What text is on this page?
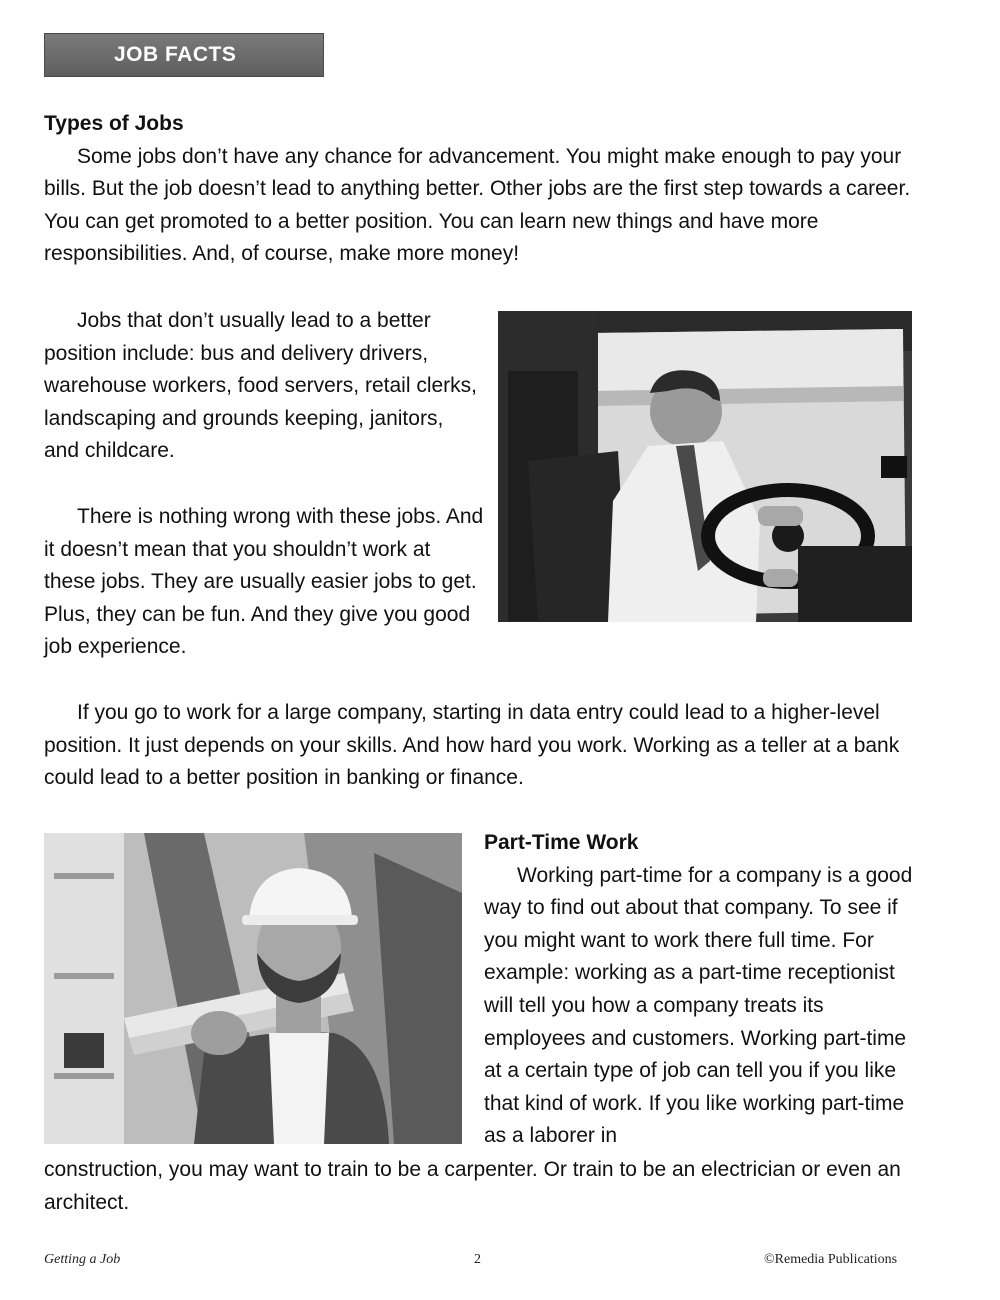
JOB FACTS

Types of Jobs

Some jobs don’t have any chance for advancement. You might make enough to pay your bills. But the job doesn’t lead to anything better. Other jobs are the first step towards a career. You can get promoted to a better position. You can learn new things and have more responsibilities. And, of course, make more money!

Jobs that don’t usually lead to a better position include: bus and delivery drivers, warehouse workers, food servers, retail clerks, landscaping and grounds keeping, janitors, and childcare.

There is nothing wrong with these jobs. And it doesn’t mean that you shouldn’t work at these jobs. They are usually easier jobs to get. Plus, they can be fun. And they give you good job experience.

If you go to work for a large company, starting in data entry could lead to a higher-level position. It just depends on your skills. And how hard you work. Working as a teller at a bank could lead to a better position in banking or finance.

Part-Time Work

Working part-time for a company is a good way to find out about that company. To see if you might want to work there full time. For example: working as a part-time receptionist will tell you how a company treats its employees and customers. Working part-time at a certain type of job can tell you if you like that kind of work. If you like working part-time as a laborer in

construction, you may want to train to be a carpenter. Or train to be an electrician or even an architect.

Getting a Job	2	©Remedia Publications
